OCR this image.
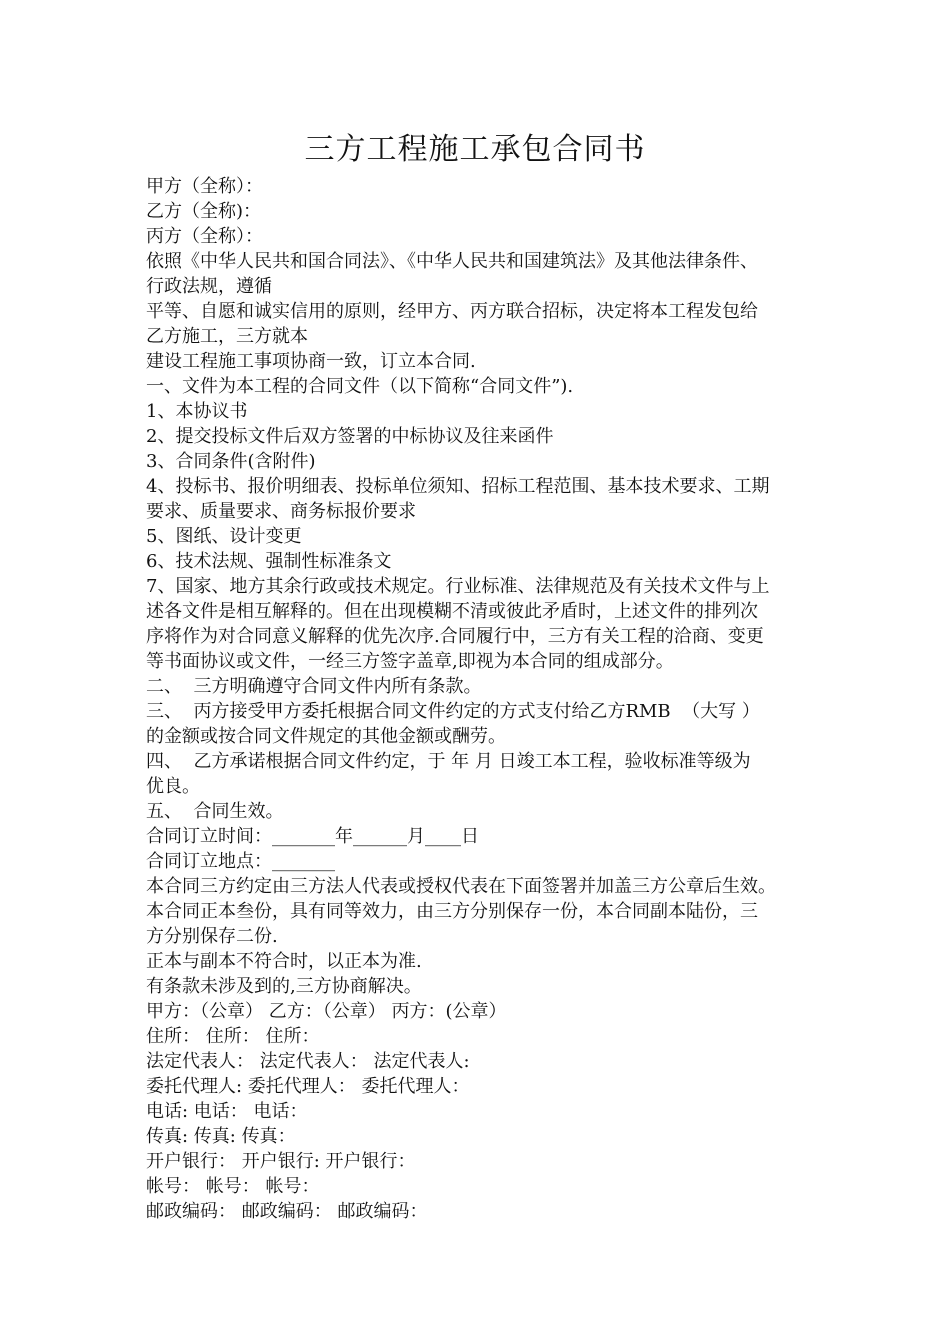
三方工程施工承包合同书
甲方（全称）：
乙方（全称)：
丙方（全称）：
依照《中华人民共和国合同法》、《中华人民共和国建筑法》及其他法律条件、
行政法规，遵循
平等、自愿和诚实信用的原则，经甲方、丙方联合招标，决定将本工程发包给
乙方施工，三方就本
建设工程施工事项协商一致，订立本合同.
一、文件为本工程的合同文件（以下简称“合同文件”).
1、本协议书
2、提交投标文件后双方签署的中标协议及往来函件
3、合同条件(含附件)
4、投标书、报价明细表、投标单位须知、招标工程范围、基本技术要求、工期
要求、质量要求、商务标报价要求
5、图纸、设计变更
6、技术法规、强制性标准条文
7、国家、地方其余行政或技术规定。行业标准、法律规范及有关技术文件与上
述各文件是相互解释的。但在出现模糊不清或彼此矛盾时，上述文件的排列次
序将作为对合同意义解释的优先次序.合同履行中，三方有关工程的洽商、变更
等书面协议或文件，一经三方签字盖章,即视为本合同的组成部分。
二、  三方明确遵守合同文件内所有条款。
三、  丙方接受甲方委托根据合同文件约定的方式支付给乙方RMB  （大写 ）
的金额或按合同文件规定的其他金额或酬劳。
四、  乙方承诺根据合同文件约定，于 年 月 日竣工本工程，验收标准等级为
优良。
五、  合同生效。
合同订立时间：_______年______月____日
合同订立地点：_______
本合同三方约定由三方法人代表或授权代表在下面签署并加盖三方公章后生效。
本合同正本叁份，具有同等效力，由三方分别保存一份，本合同副本陆份，三
方分别保存二份.
正本与副本不符合时，以正本为准.
有条款未涉及到的,三方协商解决。
甲方：（公章） 乙方：（公章） 丙方：(公章）
住所： 住所： 住所：
法定代表人： 法定代表人： 法定代表人:
委托代理人: 委托代理人： 委托代理人：
电话: 电话： 电话：
传真: 传真: 传真：
开户银行： 开户银行: 开户银行：
帐号： 帐号： 帐号：
邮政编码： 邮政编码： 邮政编码：
